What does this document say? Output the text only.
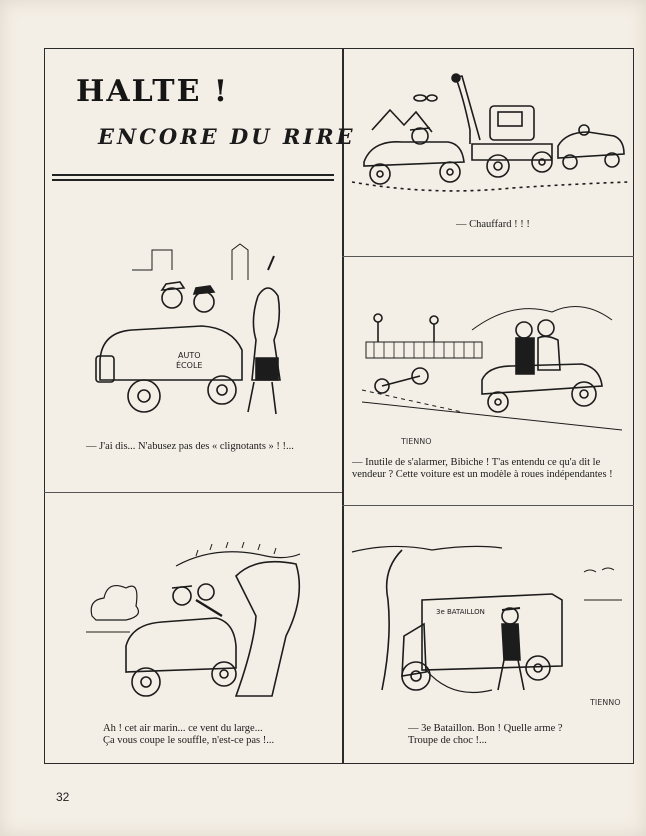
HALTE !
ENCORE DU RIRE
— Chauffard ! ! !
AUTO
ÉCOLE
— J'ai dis... N'abusez pas des « clignotants » ! !...	TIENNO
— Inutile de s'alarmer, Bibiche ! T'as entendu ce qu'a dit le
vendeur ? Cette voiture est un modèle à roues indépendantes !
Ah ! cet air marin... ce vent du large...
Ça vous coupe le souffle, n'est-ce pas !...
3e BATAILLON
TIENNO
— 3e Bataillon. Bon ! Quelle arme ?
Troupe de choc !...
32
